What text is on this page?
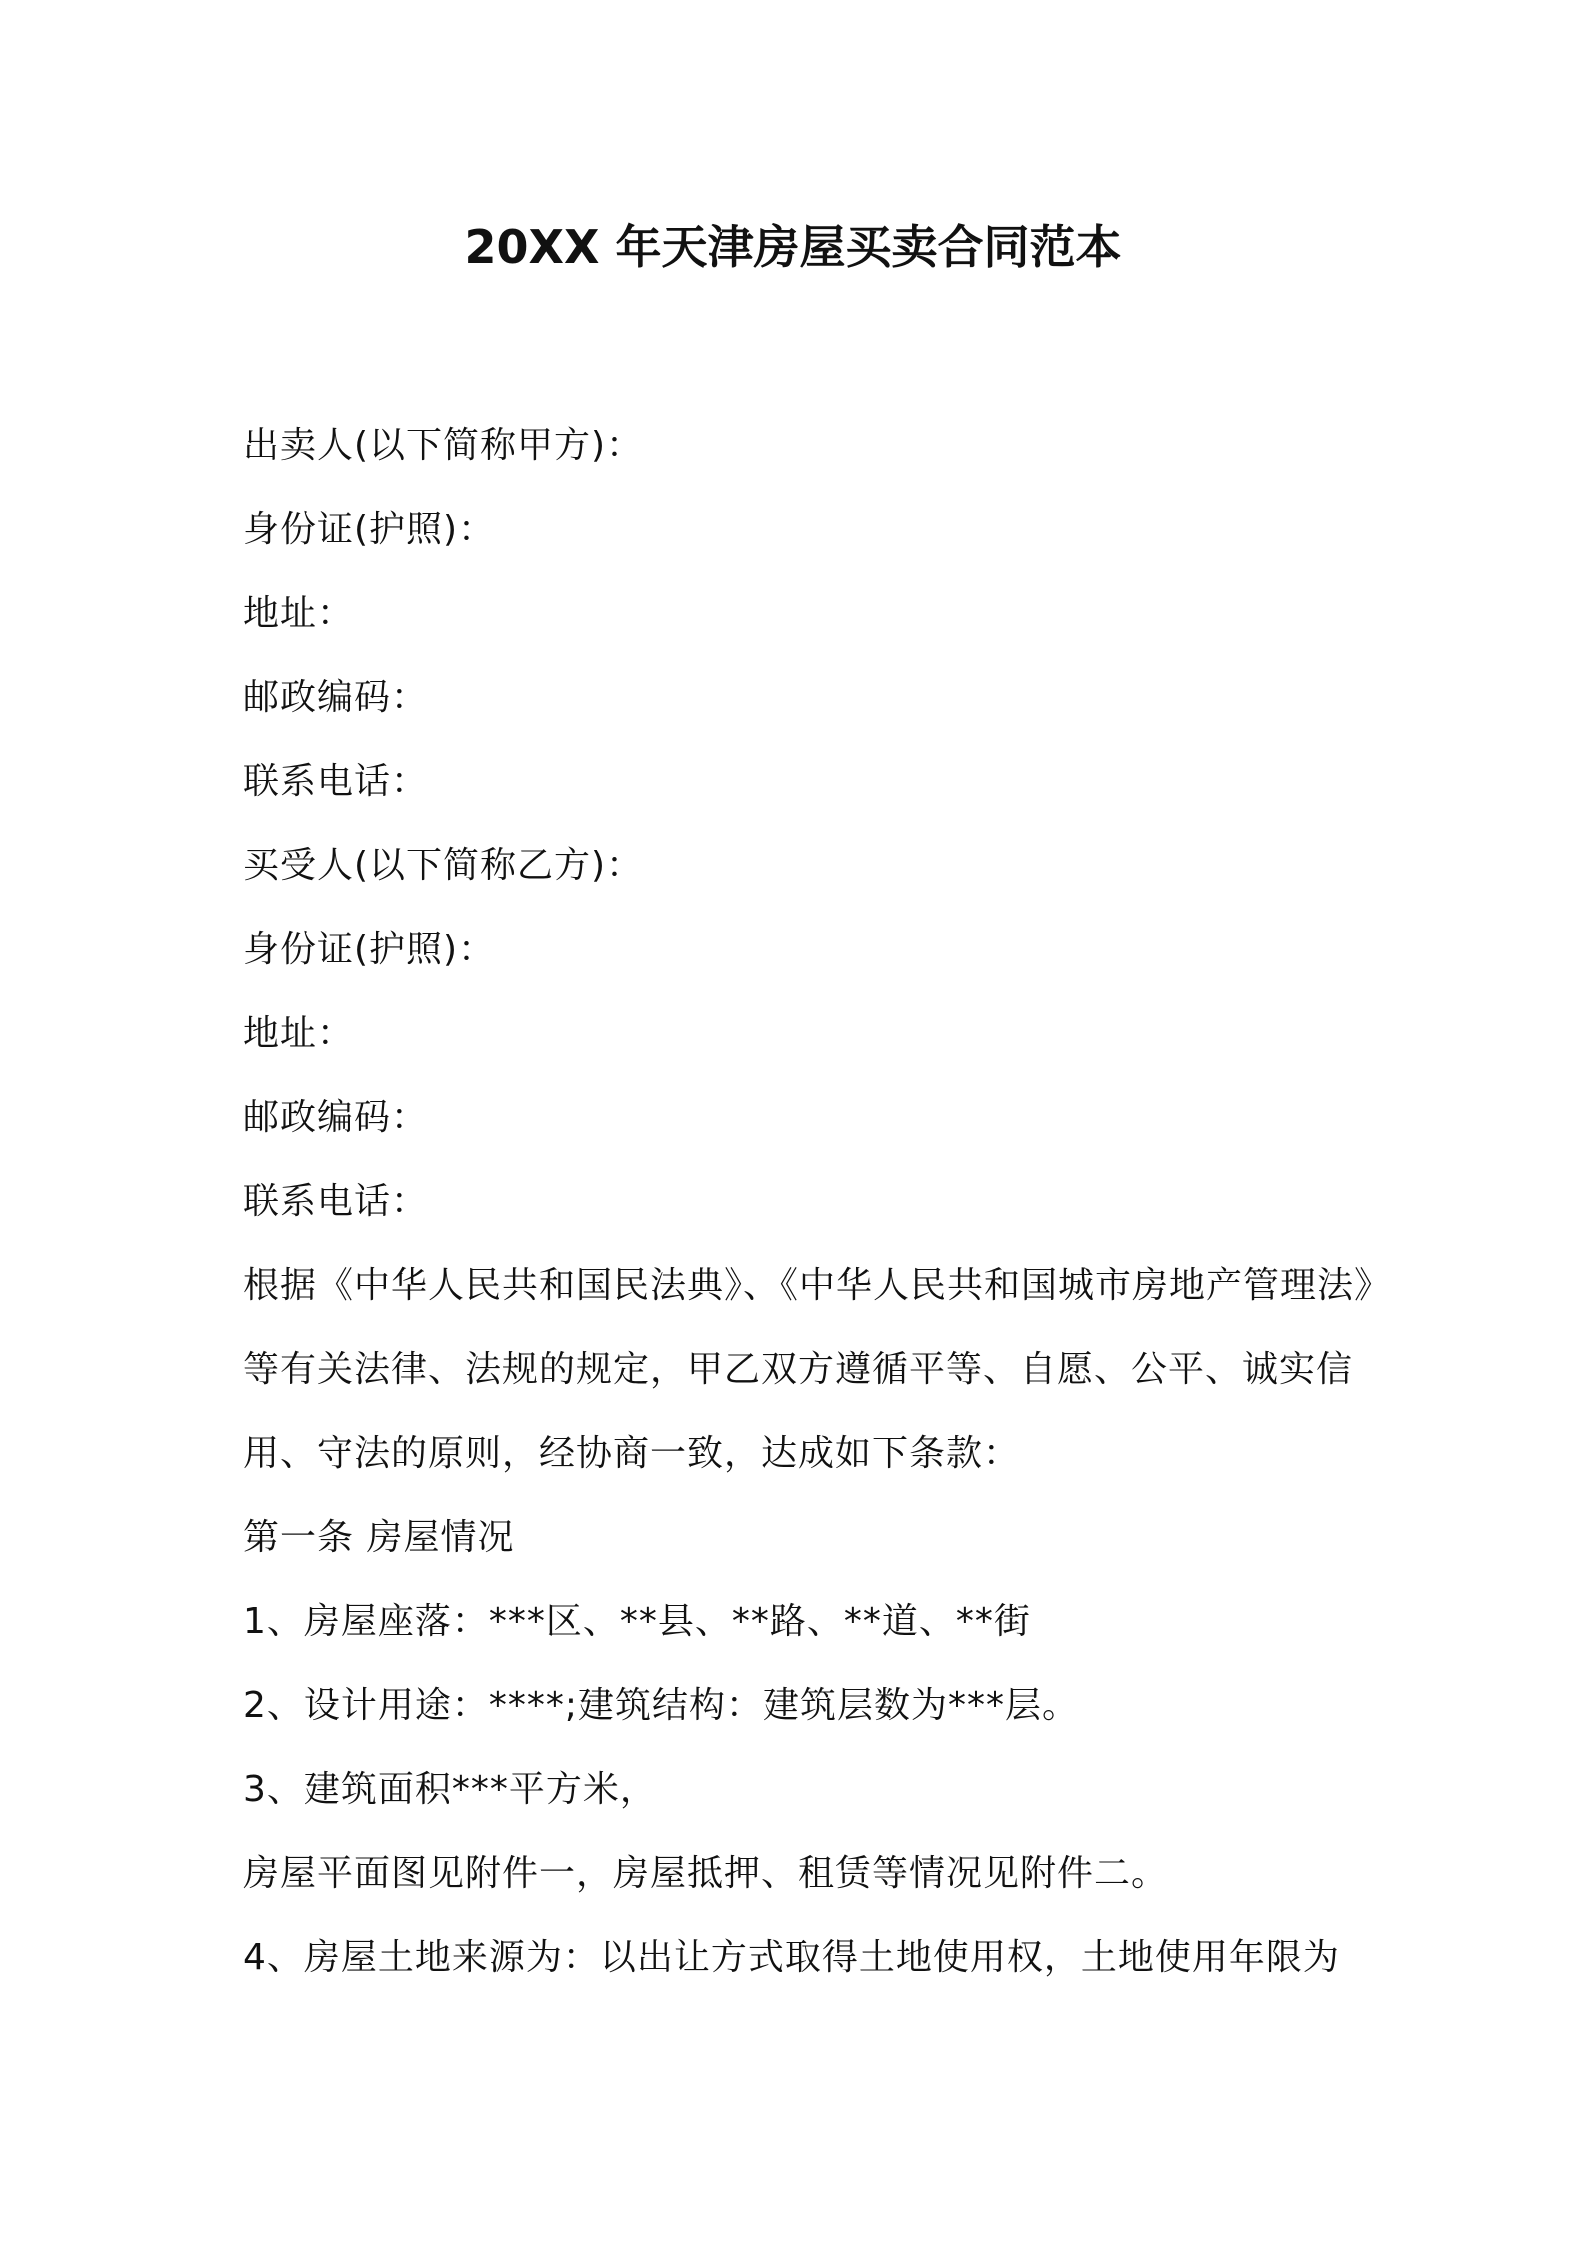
20XX 年天津房屋买卖合同范本
出卖人(以下简称甲方)：
身份证(护照)：
地址：
邮政编码：
联系电话：
买受人(以下简称乙方)：
身份证(护照)：
地址：
邮政编码：
联系电话：
根据《中华人民共和国民法典》、《中华人民共和国城市房地产管理法》
等有关法律、法规的规定，甲乙双方遵循平等、自愿、公平、诚实信
用、守法的原则，经协商一致，达成如下条款：
第一条 房屋情况
1、房屋座落：***区、**县、**路、**道、**街
2、设计用途：****;建筑结构：建筑层数为***层。
3、建筑面积***平方米，
房屋平面图见附件一，房屋抵押、租赁等情况见附件二。
4、房屋土地来源为：以出让方式取得土地使用权，土地使用年限为
